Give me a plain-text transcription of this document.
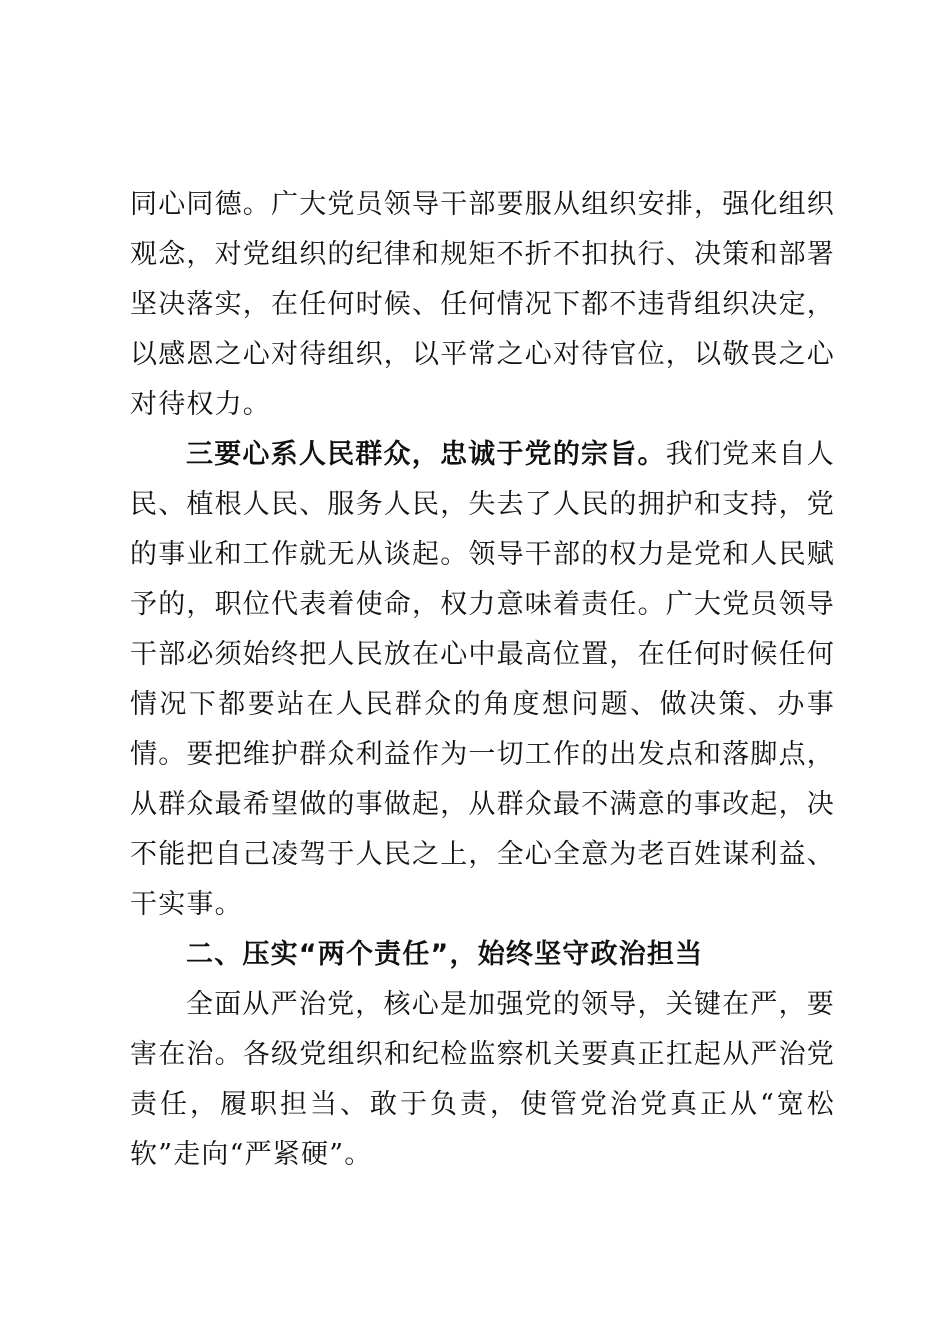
同心同德。广大党员领导干部要服从组织安排，强化组织观念，对党组织的纪律和规矩不折不扣执行、决策和部署坚决落实，在任何时候、任何情况下都不违背组织决定，以感恩之心对待组织，以平常之心对待官位，以敬畏之心对待权力。

三要心系人民群众，忠诚于党的宗旨。我们党来自人民、植根人民、服务人民，失去了人民的拥护和支持，党的事业和工作就无从谈起。领导干部的权力是党和人民赋予的，职位代表着使命，权力意味着责任。广大党员领导干部必须始终把人民放在心中最高位置，在任何时候任何情况下都要站在人民群众的角度想问题、做决策、办事情。要把维护群众利益作为一切工作的出发点和落脚点，从群众最希望做的事做起，从群众最不满意的事改起，决不能把自己凌驾于人民之上，全心全意为老百姓谋利益、干实事。

二、压实“两个责任”，始终坚守政治担当

全面从严治党，核心是加强党的领导，关键在严，要害在治。各级党组织和纪检监察机关要真正扛起从严治党责任，履职担当、敢于负责，使管党治党真正从“宽松软”走向“严紧硬”。
